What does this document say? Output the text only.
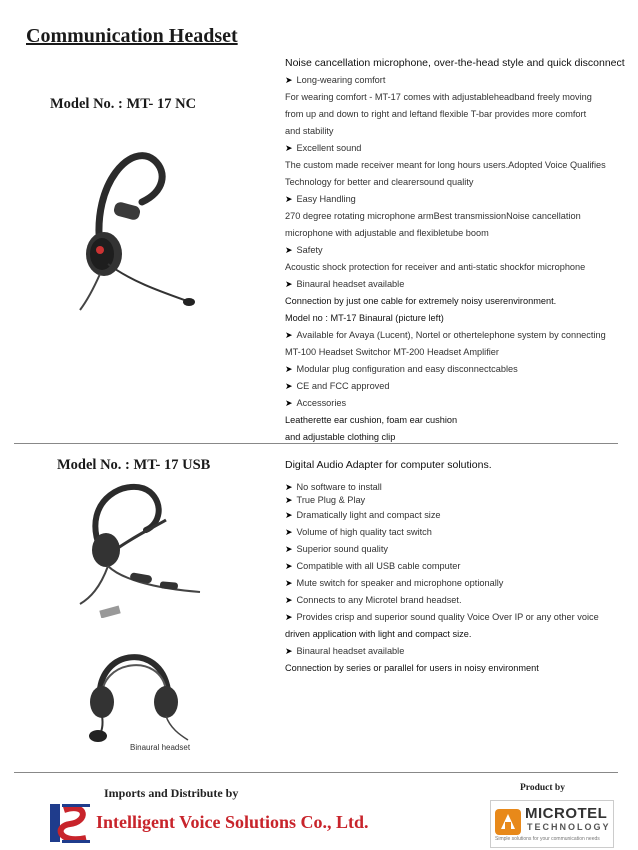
Communication Headset
Model No. : MT- 17 NC
Noise cancellation microphone, over-the-head style and quick disconnect
➤ Long-wearing comfort
For wearing comfort - MT-17 comes with adjustableheadband freely moving
from up and down to right and leftand flexible T-bar provides more comfort
and stability
➤ Excellent sound
The custom made receiver meant for long hours users.Adopted Voice Qualifies
Technology for better and clearersound quality
➤ Easy Handling
270 degree rotating microphone armBest transmissionNoise cancellation
microphone with adjustable and flexibletube boom
➤ Safety
Acoustic shock protection for receiver and anti-static shockfor microphone
➤ Binaural headset available
Connection by just one cable for extremely noisy userenvironment.
Model no : MT-17 Binaural (picture left)
➤ Available for Avaya (Lucent), Nortel or othertelephone system by connecting
MT-100 Headset Switchor MT-200 Headset Amplifier
➤ Modular plug configuration and easy disconnectcables
➤ CE and FCC approved
➤ Accessories
Leatherette ear cushion, foam ear cushion
and adjustable clothing clip
Model No. : MT- 17 USB
Binaural headset
Digital Audio Adapter for computer solutions.
➤ No software to install
➤ True Plug & Play
➤ Dramatically light and compact size
➤ Volume of high quality tact switch
➤ Superior sound quality
➤ Compatible with all USB cable computer
➤ Mute switch for speaker and microphone optionally
➤ Connects to any Microtel brand headset.
➤ Provides crisp and superior sound quality Voice Over IP or any other voice
driven application with light and compact size.
➤ Binaural headset available
Connection by series or parallel for users in noisy environment
Imports and Distribute by	Product by
Intelligent Voice Solutions Co., Ltd.	MICROTEL
TECHNOLOGY
Simple solutions for your communication needs
